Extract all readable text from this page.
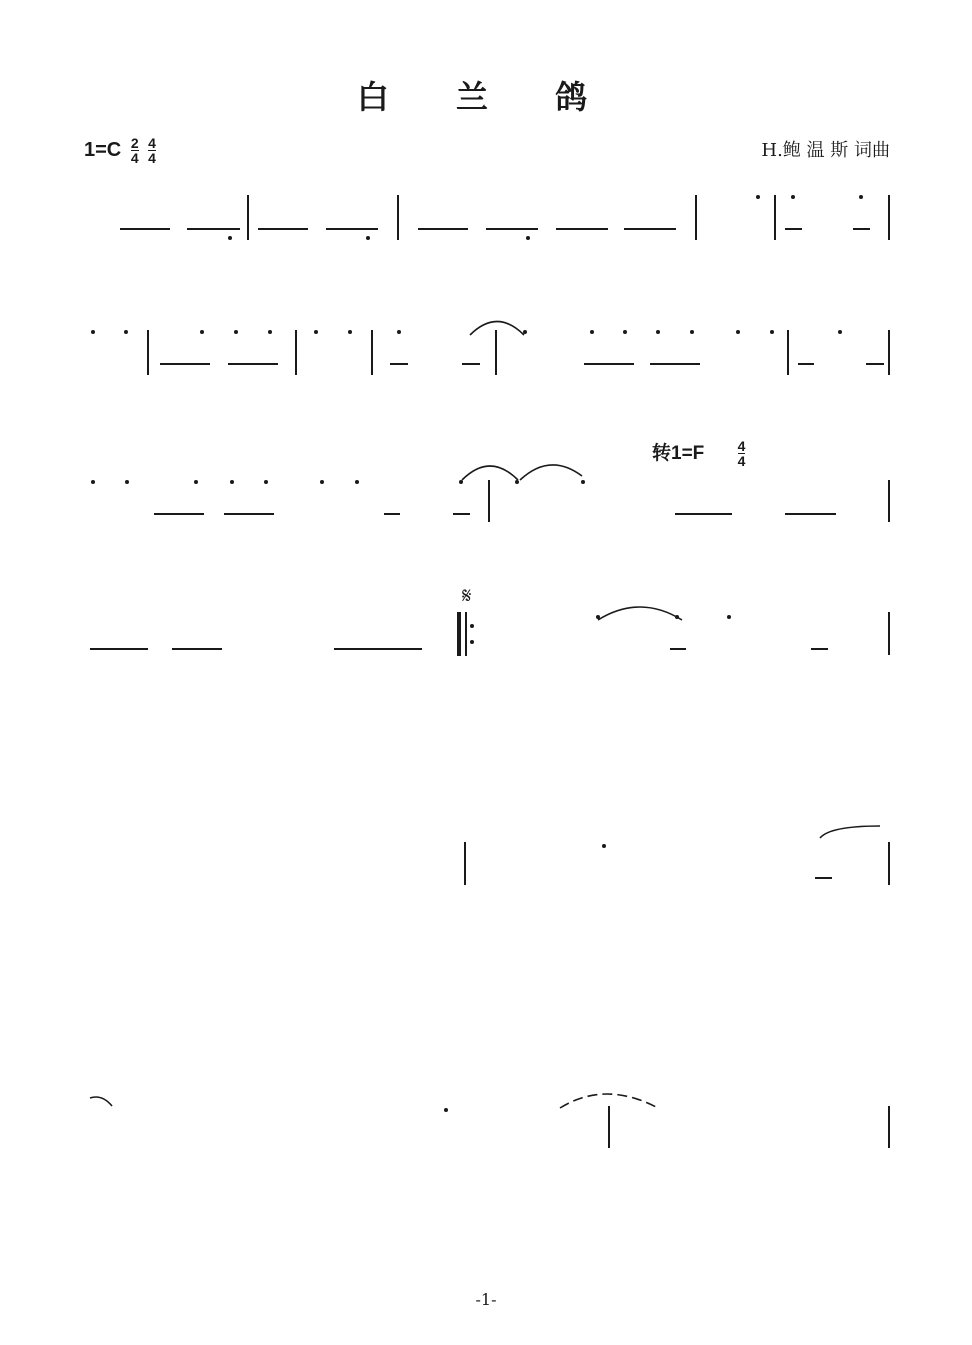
白 兰 鸽
$1=C \frac{2}{4}$
$\frac{4}{4}$	H.鲍 温 斯 词曲
转$1=F \frac{4}{4}$
𝄋
-1-
